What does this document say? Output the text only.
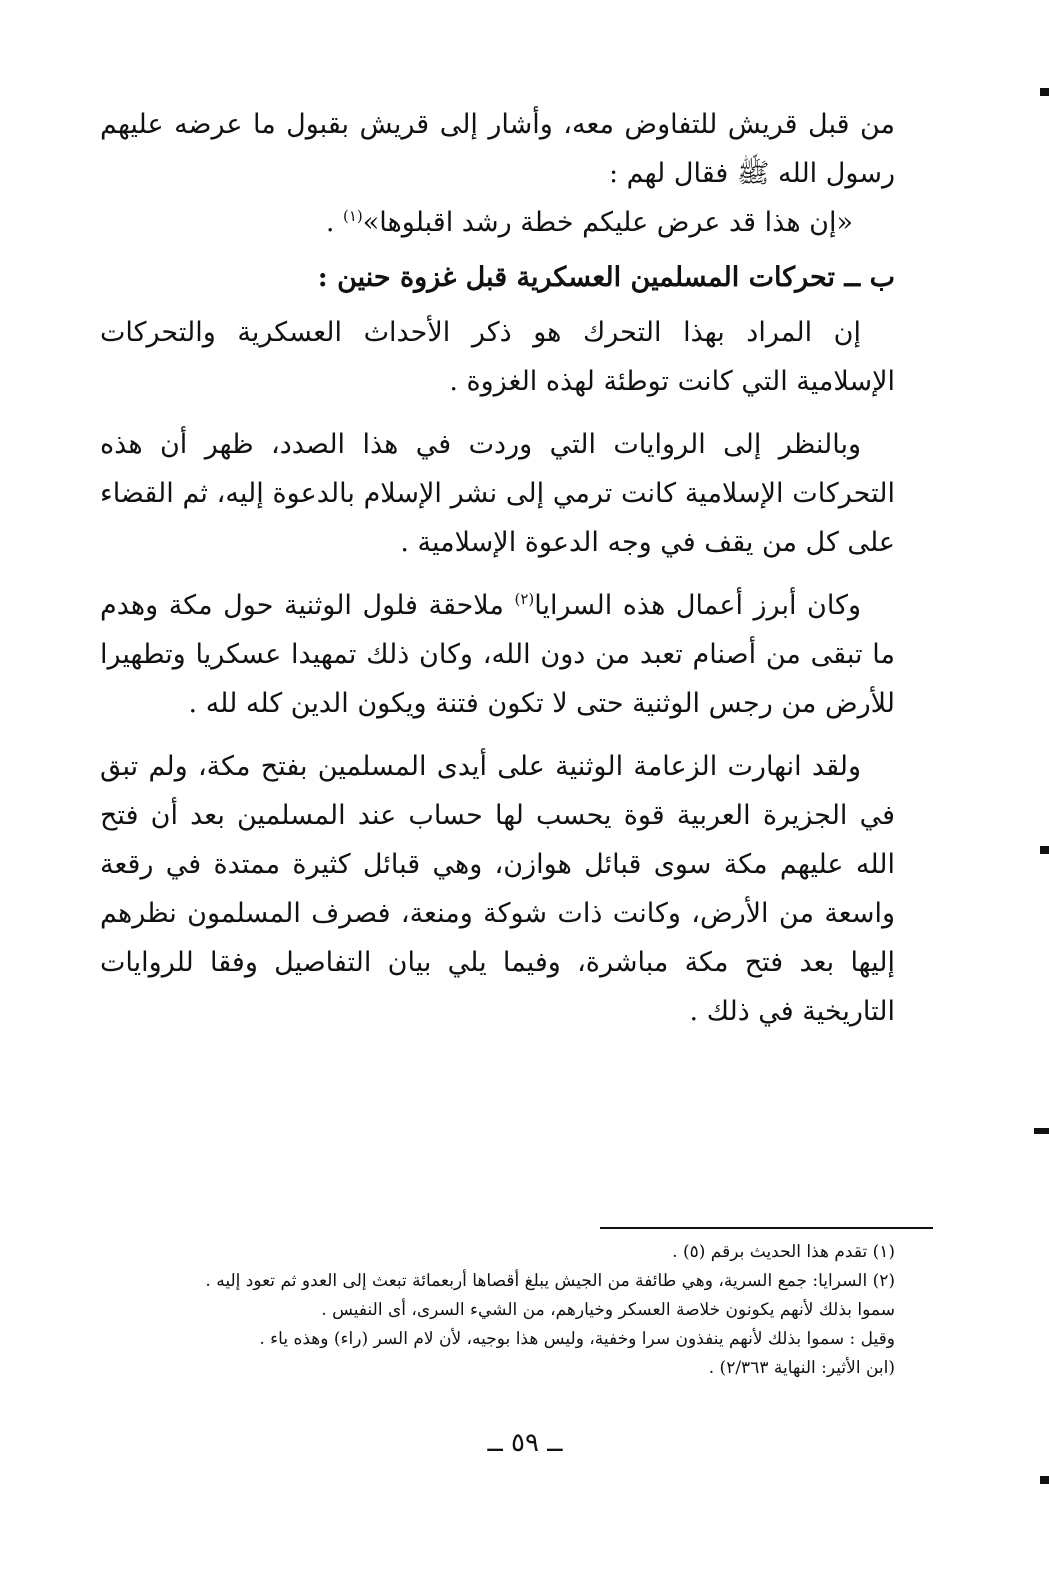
من قبل قريش للتفاوض معه، وأشار إلى قريش بقبول ما عرضه عليهم رسول الله ﷺ فقال لهم :

«إن هذا قد عرض عليكم خطة رشد اقبلوها»$^{(١)}$ .

ب ــ تحركات المسلمين العسكرية قبل غزوة حنين :

إن المراد بهذا التحرك هو ذكر الأحداث العسكرية والتحركات الإسلامية التي كانت توطئة لهذه الغزوة .

وبالنظر إلى الروايات التي وردت في هذا الصدد، ظهر أن هذه التحركات الإسلامية كانت ترمي إلى نشر الإسلام بالدعوة إليه، ثم القضاء على كل من يقف في وجه الدعوة الإسلامية .

وكان أبرز أعمال هذه السرايا$^{(٢)}$ ملاحقة فلول الوثنية حول مكة وهدم ما تبقى من أصنام تعبد من دون الله، وكان ذلك تمهيدا عسكريا وتطهيرا للأرض من رجس الوثنية حتى لا تكون فتنة ويكون الدين كله لله .

ولقد انهارت الزعامة الوثنية على أيدى المسلمين بفتح مكة، ولم تبق في الجزيرة العربية قوة يحسب لها حساب عند المسلمين بعد أن فتح الله عليهم مكة سوى قبائل هوازن، وهي قبائل كثيرة ممتدة في رقعة واسعة من الأرض، وكانت ذات شوكة ومنعة، فصرف المسلمون نظرهم إليها بعد فتح مكة مباشرة، وفيما يلي بيان التفاصيل وفقا للروايات التاريخية في ذلك .

(١) تقدم هذا الحديث برقم (٥) .

(٢) السرايا: جمع السرية، وهي طائفة من الجيش يبلغ أقصاها أربعمائة تبعث إلى العدو ثم تعود إليه .

سموا بذلك لأنهم يكونون خلاصة العسكر وخيارهم، من الشيء السرى، أى النفيس .

وقيل : سموا بذلك لأنهم ينفذون سرا وخفية، وليس هذا بوجيه، لأن لام السر (راء) وهذه ياء .

(ابن الأثير: النهاية ٢/٣٦٣) .

ــ ٥٩ ــ
